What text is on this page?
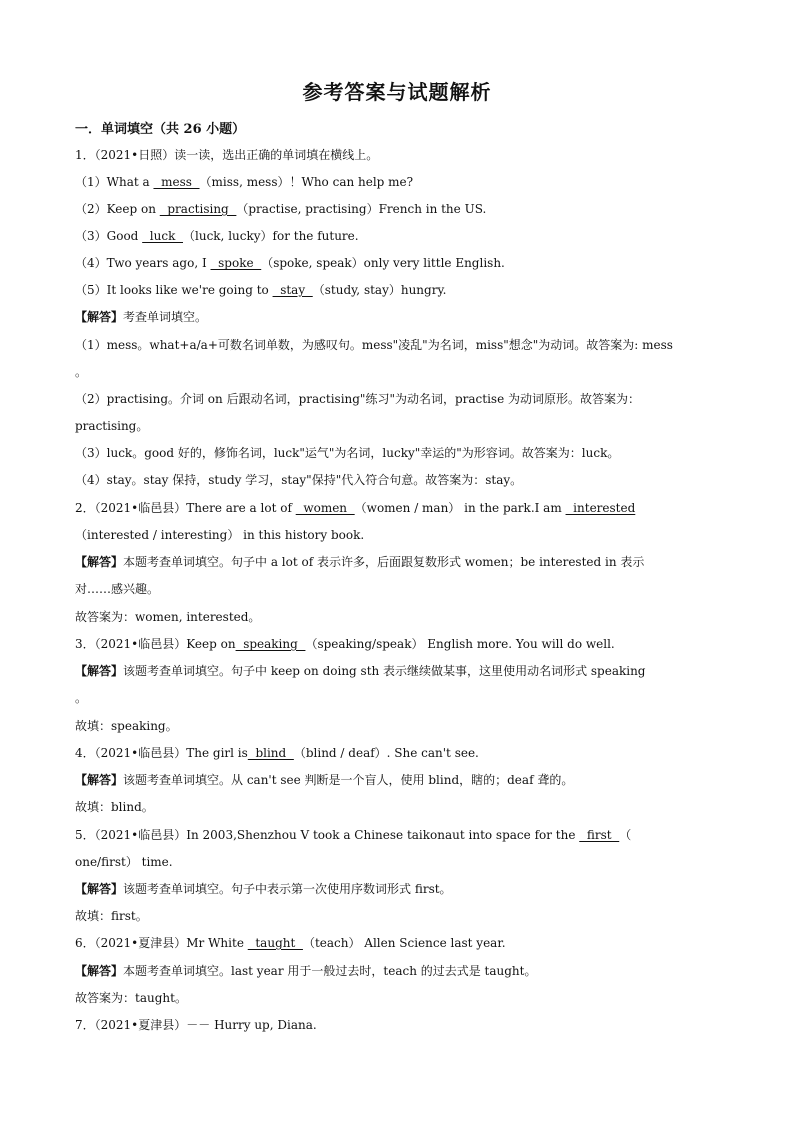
参考答案与试题解析
一．单词填空（共 26 小题）
1．（2021•日照）读一读，选出正确的单词填在横线上。
（1）What a   mess  （miss, mess）！Who can help me?
（2）Keep on   practising  （practise, practising）French in the US.
（3）Good   luck  （luck, lucky）for the future.
（4）Two years ago, I   spoke  （spoke, speak）only very little English.
（5）It looks like we're going to   stay  （study, stay）hungry.
【解答】考查单词填空。
（1）mess。what+a/a+可数名词单数，为感叹句。mess"凌乱"为名词，miss"想念"为动词。故答案为: mess
。
（2）practising。介词 on 后跟动名词，practising"练习"为动名词，practise 为动词原形。故答案为：
practising。
（3）luck。good 好的，修饰名词，luck"运气"为名词，lucky"幸运的"为形容词。故答案为：luck。
（4）stay。stay 保持，study 学习，stay"保持"代入符合句意。故答案为：stay。
2．（2021•临邑县）There are a lot of   women  （women / man） in the park.I am   interested
（interested / interesting） in this history book.
【解答】本题考查单词填空。句子中 a lot of 表示许多，后面跟复数形式 women；be interested in 表示
对……感兴趣。
故答案为：women, interested。
3．（2021•临邑县）Keep on  speaking  （speaking/speak） English more. You will do well.
【解答】该题考查单词填空。句子中 keep on doing sth 表示继续做某事，这里使用动名词形式 speaking
。
故填：speaking。
4．（2021•临邑县）The girl is  blind  （blind / deaf）. She can't see.
【解答】该题考查单词填空。从 can't see 判断是一个盲人，使用 blind，瞎的；deaf 聋的。
故填：blind。
5．（2021•临邑县）In 2003,Shenzhou V took a Chinese taikonaut into space for the   first  （
one/first） time.
【解答】该题考查单词填空。句子中表示第一次使用序数词形式 first。
故填：first。
6．（2021•夏津县）Mr White   taught  （teach） Allen Science last year.
【解答】本题考查单词填空。last year 用于一般过去时，teach 的过去式是 taught。
故答案为：taught。
7．（2021•夏津县）－－ Hurry up, Diana.
